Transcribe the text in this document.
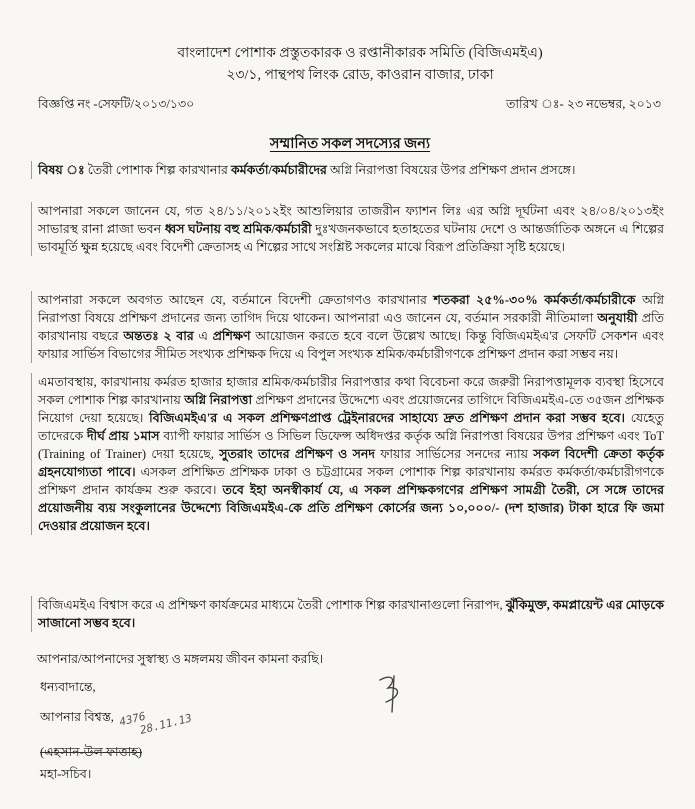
বাংলাদেশ পোশাক প্রস্তুতকারক ও রপ্তানীকারক সমিতি (বিজিএমইএ)
২৩/১, পান্থপথ লিংক রোড, কাওরান বাজার, ঢাকা
বিজ্ঞপ্তি নং -সেফটি/২০১৩/১৩০	তারিখ ঃ- ২৩ নভেম্বর, ২০১৩
সম্মানিত সকল সদস্যের জন্য
বিষয় ঃ তৈরী পোশাক শিল্প কারখানার কর্মকর্তা/কর্মচারীদের অগ্নি নিরাপত্তা বিষয়ের উপর প্রশিক্ষণ প্রদান প্রসঙ্গে।
আপনারা সকলে জানেন যে, গত ২৪/১১/২০১২ইং আশুলিয়ার তাজরীন ফ্যাশন লিঃ এর অগ্নি দূর্ঘটনা এবং ২৪/০৪/২০১৩ইং সাভারস্থ রানা প্লাজা ভবন ধ্বস ঘটনায় বহু শ্রমিক/কর্মচারী দুঃখজনকভাবে হতাহতের ঘটনায় দেশে ও আন্তর্জাতিক অঙ্গনে এ শিল্পের ভাবমূর্তি ক্ষুন্ন হয়েছে এবং বিদেশী ক্রেতাসহ এ শিল্পের সাথে সংশ্লিষ্ট সকলের মাঝে বিরূপ প্রতিক্রিয়া সৃষ্টি হয়েছে।
আপনারা সকলে অবগত আছেন যে, বর্তমানে বিদেশী ক্রেতাগণও কারখানার শতকরা ২৫%-৩০% কর্মকর্তা/কর্মচারীকে অগ্নি নিরাপত্তা বিষয়ে প্রশিক্ষণ প্রদানের জন্য তাগিদ দিয়ে থাকেন। আপনারা এও জানেন যে, বর্তমান সরকারী নীতিমালা অনুযায়ী প্রতি কারখানায় বছরে অন্ততঃ ২ বার এ প্রশিক্ষণ আয়োজন করতে হবে বলে উল্লেখ আছে। কিন্তু বিজিএমইএ'র সেফটি সেকশন এবং ফায়ার সার্ভিস বিভাগের সীমিত সংখ্যক প্রশিক্ষক দিয়ে এ বিপুল সংখ্যক শ্রমিক/কর্মচারীগণকে প্রশিক্ষণ প্রদান করা সম্ভব নয়।
এমতাবস্থায়, কারখানায় কর্মরত হাজার হাজার শ্রমিক/কর্মচারীর নিরাপত্তার কথা বিবেচনা করে জরুরী নিরাপত্তামূলক ব্যবস্থা হিসেবে সকল পোশাক শিল্প কারখানায় অগ্নি নিরাপত্তা প্রশিক্ষণ প্রদানের উদ্দেশ্যে এবং প্রয়োজনের তাগিদে বিজিএমইএ-তে ৩৫জন প্রশিক্ষক নিয়োগ দেয়া হয়েছে। বিজিএমইএ'র এ সকল প্রশিক্ষণপ্রাপ্ত ট্রেইনারদের সাহায্যে দ্রুত প্রশিক্ষণ প্রদান করা সম্ভব হবে। যেহেতু তাদেরকে দীর্ঘ প্রায় ১মাস ব্যাপী ফায়ার সার্ভিস ও সিভিল ডিফেন্স অধিদপ্তর কর্তৃক অগ্নি নিরাপত্তা বিষয়ের উপর প্রশিক্ষণ এবং ToT (Training of Trainer) দেয়া হয়েছে, সুতরাং তাদের প্রশিক্ষণ ও সনদ ফায়ার সার্ভিসের সনদের ন্যায় সকল বিদেশী ক্রেতা কর্তৃক গ্রহনযোগ্যতা পাবে। এসকল প্রশিক্ষিত প্রশিক্ষক ঢাকা ও চট্টগ্রামের সকল পোশাক শিল্প কারখানায় কর্মরত কর্মকর্তা/কর্মচারীগণকে প্রশিক্ষণ প্রদান কার্যক্রম শুরু করবে। তবে ইহা অনস্বীকার্য যে, এ সকল প্রশিক্ষকগণের প্রশিক্ষণ সামগ্রী তৈরী, সে সঙ্গে তাদের প্রয়োজনীয় ব্যয় সংকুলানের উদ্দেশ্যে বিজিএমইএ-কে প্রতি প্রশিক্ষণ কোর্সের জন্য ১০,০০০/- (দশ হাজার) টাকা হারে ফি জমা দেওয়ার প্রয়োজন হবে।
বিজিএমইএ বিশ্বাস করে এ প্রশিক্ষণ কার্যক্রমের মাধ্যমে তৈরী পোশাক শিল্প কারখানাগুলো নিরাপদ, ঝুঁকিমুক্ত, কমপ্লায়েন্ট এর মোড়কে সাজানো সম্ভব হবে।
আপনার/আপনাদের সুস্বাস্থ্য ও মঙ্গলময় জীবন কামনা করছি।
ধন্যবাদান্তে,
আপনার বিশ্বস্ত, 4376
28.11.13
(এহসান-উল ফাত্তাহ)
মহা-সচিব।
